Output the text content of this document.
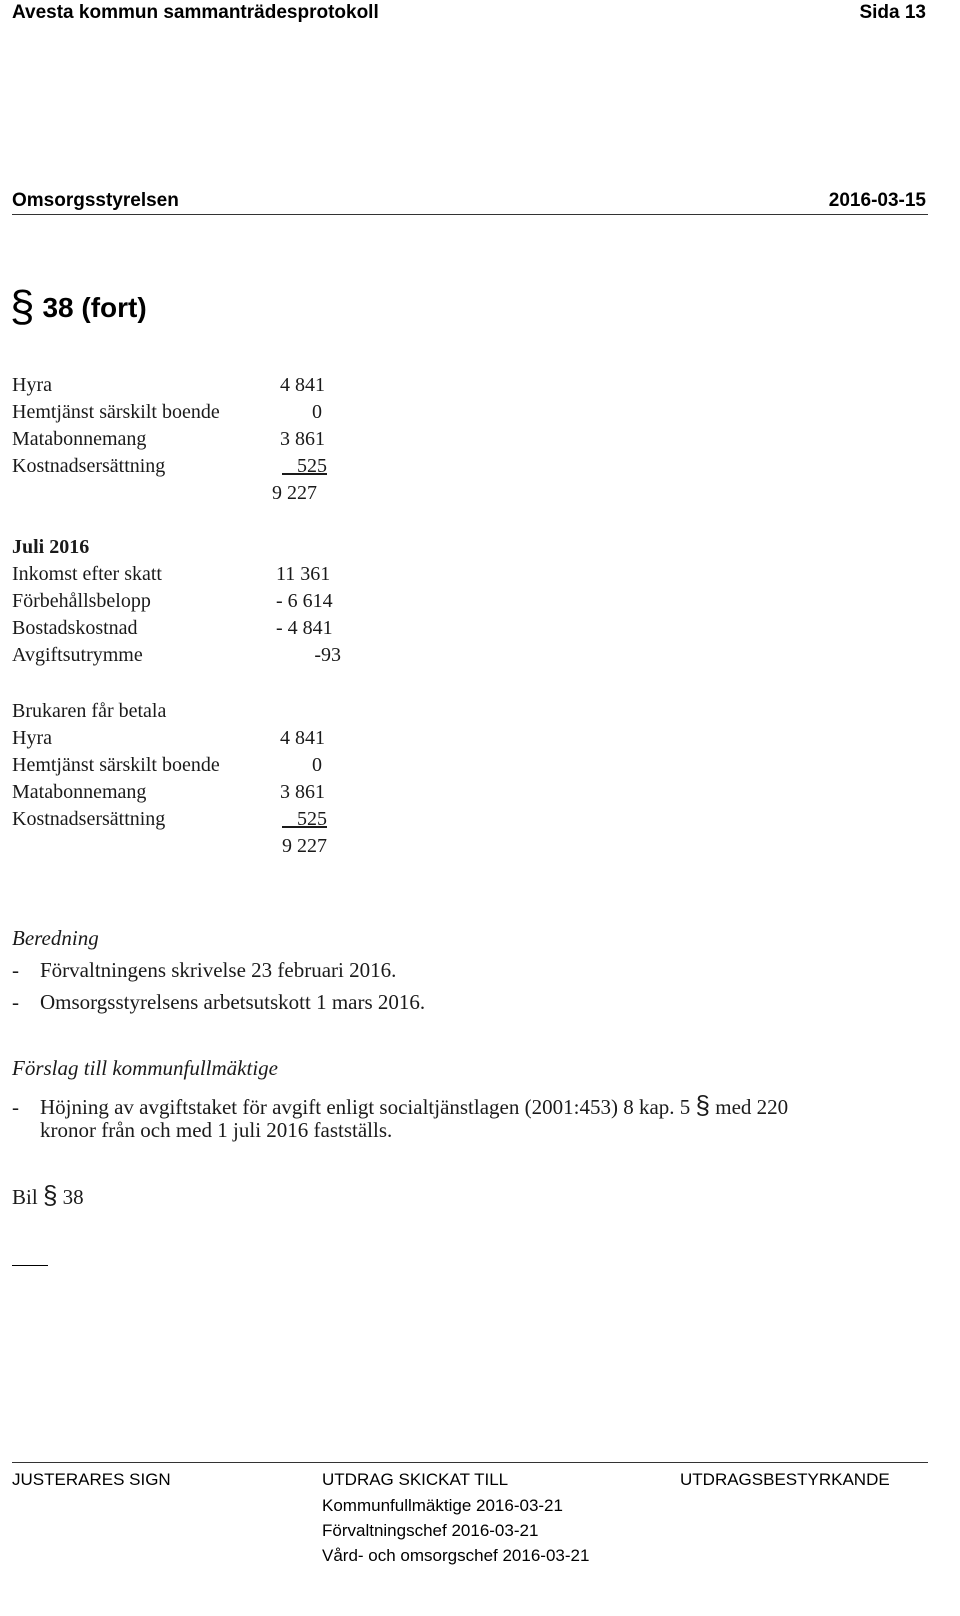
Avesta kommun sammanträdesprotokoll	Sida 13
Omsorgsstyrelsen	2016-03-15
§ 38 (fort)
Hyra	4 841
Hemtjänst särskilt boende	0
Matabonnemang	3 861
Kostnadsersättning	525
9 227
Juli 2016
Inkomst efter skatt	11 361
Förbehållsbelopp	- 6 614
Bostadskostnad	- 4 841
Avgiftsutrymme	-93
Brukaren får betala
Hyra	4 841
Hemtjänst särskilt boende	0
Matabonnemang	3 861
Kostnadsersättning	525
9 227
Beredning
- Förvaltningens skrivelse 23 februari 2016.
- Omsorgsstyrelsens arbetsutskott 1 mars 2016.
Förslag till kommunfullmäktige
- Höjning av avgiftstaket för avgift enligt socialtjänstlagen (2001:453) 8 kap. 5 § med 220
kronor från och med 1 juli 2016 fastställs.
Bil § 38
JUSTERARES SIGN	UTDRAG SKICKAT TILL	UTDRAGSBESTYRKANDE
Kommunfullmäktige 2016-03-21
Förvaltningschef 2016-03-21
Vård- och omsorgschef 2016-03-21
